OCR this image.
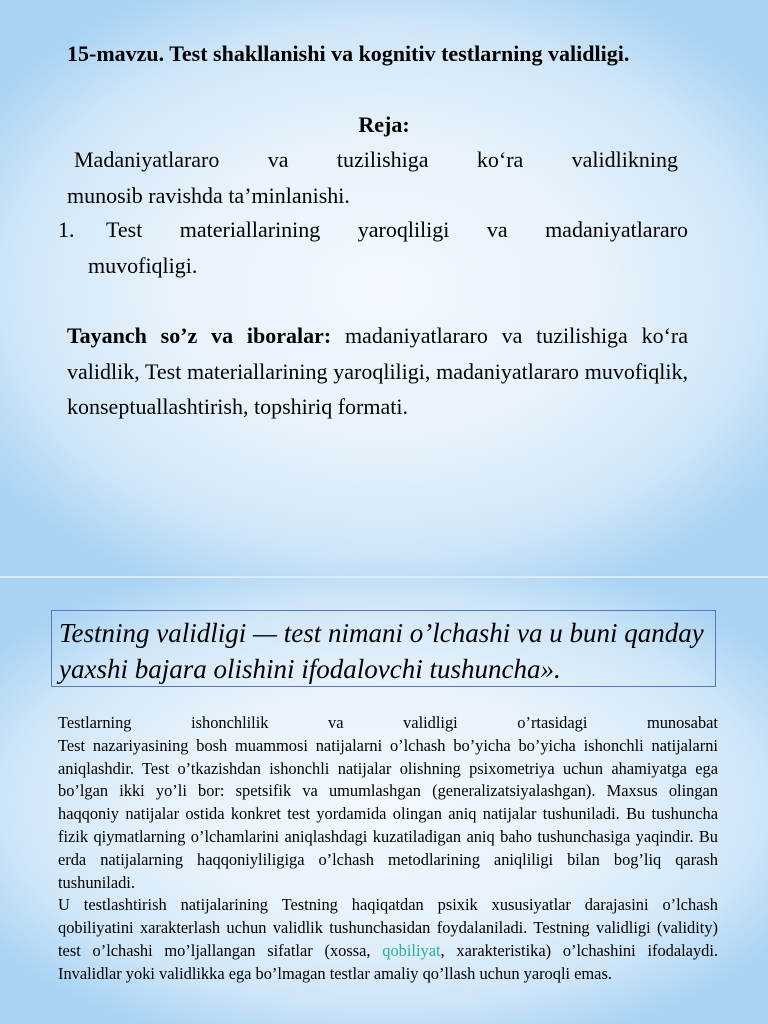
15-mavzu. Test shakllanishi va kognitiv testlarning validligi.
Reja:
Madaniyatlararo va tuzilishiga ko‘ra validlikning
munosib ravishda ta’minlanishi.
1. Test materiallarining yaroqliligi va madaniyatlararo
muvofiqligi.
Tayanch so’z va iboralar: madaniyatlararo va tuzilishiga ko‘ra validlik, Test materiallarining yaroqliligi, madaniyatlararo muvofiqlik, konseptuallashtirish, topshiriq formati.
Testning validligi — test nimani o’lchashi va u buni qanday yaxshi bajara olishini ifodalovchi tushuncha».

Testlarning ishonchlilik va validligi o’rtasidagi munosabat

Test nazariyasining bosh muammosi natijalarni o’lchash bo’yicha bo’yicha ishonchli natijalarni aniqlashdir. Test o’tkazishdan ishonchli natijalar olishning psixometriya uchun ahamiyatga ega bo’lgan ikki yo’li bor: spetsifik va umumlashgan (generalizatsiyalashgan). Maxsus olingan haqqoniy natijalar ostida konkret test yordamida olingan aniq natijalar tushuniladi. Bu tushuncha fizik qiymatlarning o’lchamlarini aniqlashdagi kuzatiladigan aniq baho tushunchasiga yaqindir. Bu erda natijalarning haqqoniyliligiga o’lchash metodlarining aniqliligi bilan bog’liq qarash tushuniladi.

U testlashtirish natijalarining Testning haqiqatdan psixik xususiyatlar darajasini o’lchash qobiliyatini xarakterlash uchun validlik tushunchasidan foydalaniladi. Testning validligi (validity) test o’lchashi mo’ljallangan sifatlar (xossa, qobiliyat, xarakteristika) o’lchashini ifodalaydi. Invalidlar yoki validlikka ega bo’lmagan testlar amaliy qo’llash uchun yaroqli emas.
